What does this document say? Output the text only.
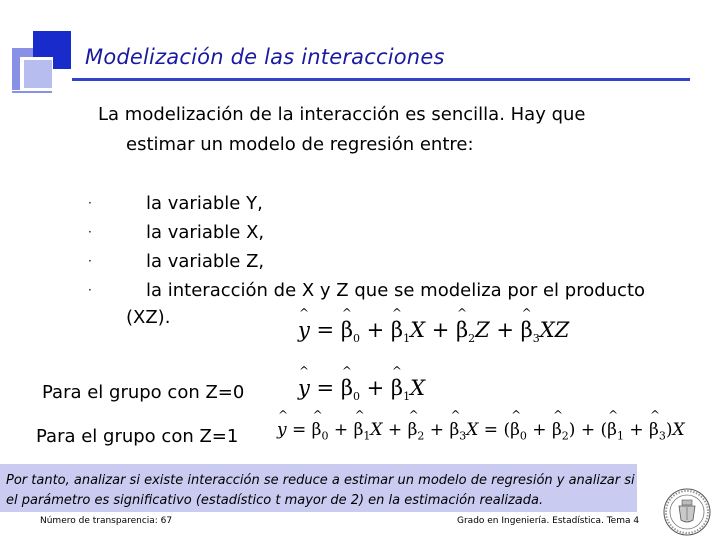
Modelización de las interacciones
La modelización de la interacción es sencilla. Hay que
estimar un modelo de regresión entre:
·	la variable Y,
·	la variable X,
·	la variable Z,
·	la interacción de X y Z que se modeliza por el producto
(XZ).
^ y = ^ $\beta_0$ + ^ $\beta_1X$ + ^ $\beta_2Z$ + ^ $\beta_3XZ$
Para el grupo con Z=0	^ y = ^ $\beta_0$ + ^ $\beta_1X$
Para el grupo con Z=1 ^ y = ^ $\beta_0$ + ^ $\beta_1X$ + ^ $\beta_2$ + ^ $\beta_3X$ = (^ $\beta_0$ + ^ $\beta_2$) + (^ $\beta_1$ + ^ $\beta_3)X$
Por tanto, analizar si existe interacción se reduce a estimar un modelo de regresión y analizar si el parámetro es significativo (estadístico t mayor de 2) en la estimación realizada.
Número de transparencia: 67	Grado en Ingeniería. Estadística. Tema 4
